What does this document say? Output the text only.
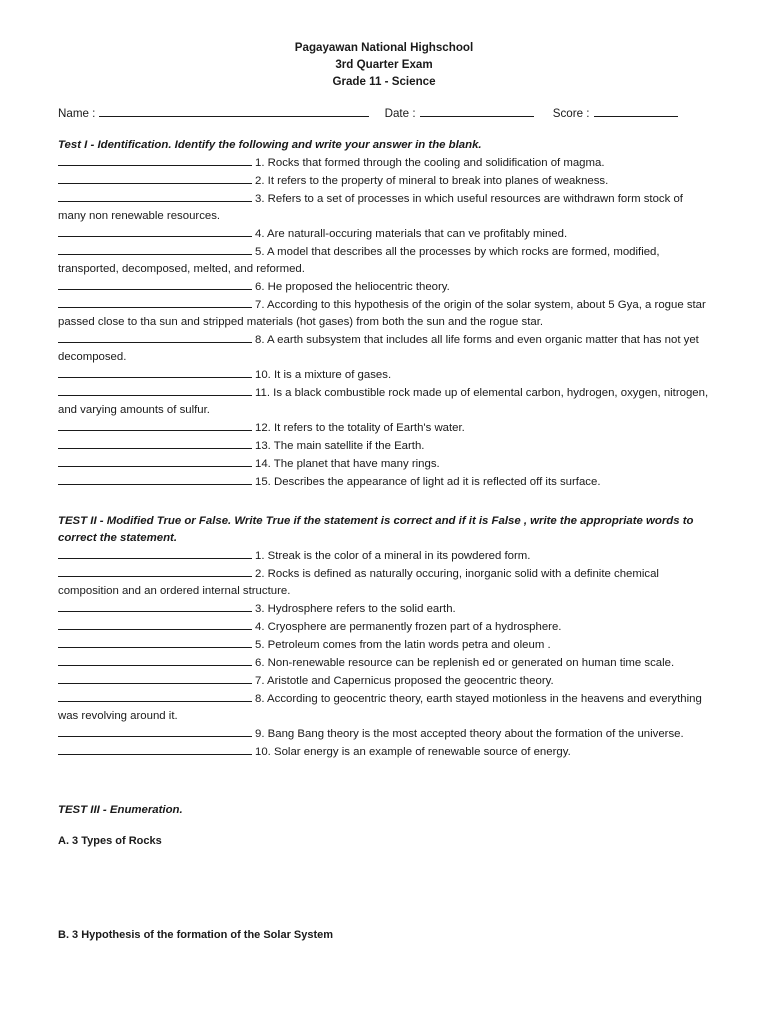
Pagayawan National Highschool
3rd Quarter Exam
Grade 11 - Science
Name :	Date :	Score :
Test I - Identification. Identify the following and write your answer in the blank.
1. Rocks that formed through the cooling and solidification of magma.
2. It refers to the property of mineral to break into planes of weakness.
3. Refers to a set of processes in which useful resources are withdrawn form stock of many non renewable resources.
4. Are naturall-occuring materials that can ve profitably mined.
5. A model that describes all the processes by which rocks are formed, modified, transported, decomposed, melted, and reformed.
6. He proposed the heliocentric theory.
7. According to this hypothesis of the origin of the solar system, about 5 Gya, a rogue star passed close to tha sun and stripped materials (hot gases) from both the sun and the rogue star.
8. A earth subsystem that includes all life forms and even organic matter that has not yet decomposed.
10. It is a mixture of gases.
11. Is a black combustible rock made up of elemental carbon, hydrogen, oxygen, nitrogen, and varying amounts of sulfur.
12. It refers to the totality of Earth's water.
13. The main satellite if the Earth.
14. The planet that have many rings.
15. Describes the appearance of light ad it is reflected off its surface.
TEST II - Modified True or False. Write True if the statement is correct and if it is False , write the appropriate words to correct the statement.
1. Streak is the color of a mineral in its powdered form.
2. Rocks is defined as naturally occuring, inorganic solid with a definite chemical composition and an ordered internal structure.
3. Hydrosphere refers to the solid earth.
4. Cryosphere are permanently frozen part of a hydrosphere.
5. Petroleum comes from the latin words petra and oleum .
6. Non-renewable resource can be replenish ed or generated on human time scale.
7. Aristotle and Capernicus proposed the geocentric theory.
8. According to geocentric theory, earth stayed motionless in the heavens and everything was revolving around it.
9. Bang Bang theory is the most accepted theory about the formation of the universe.
10. Solar energy is an example of renewable source of energy.
TEST III - Enumeration.
A. 3 Types of Rocks
B. 3 Hypothesis of the formation of the Solar System
